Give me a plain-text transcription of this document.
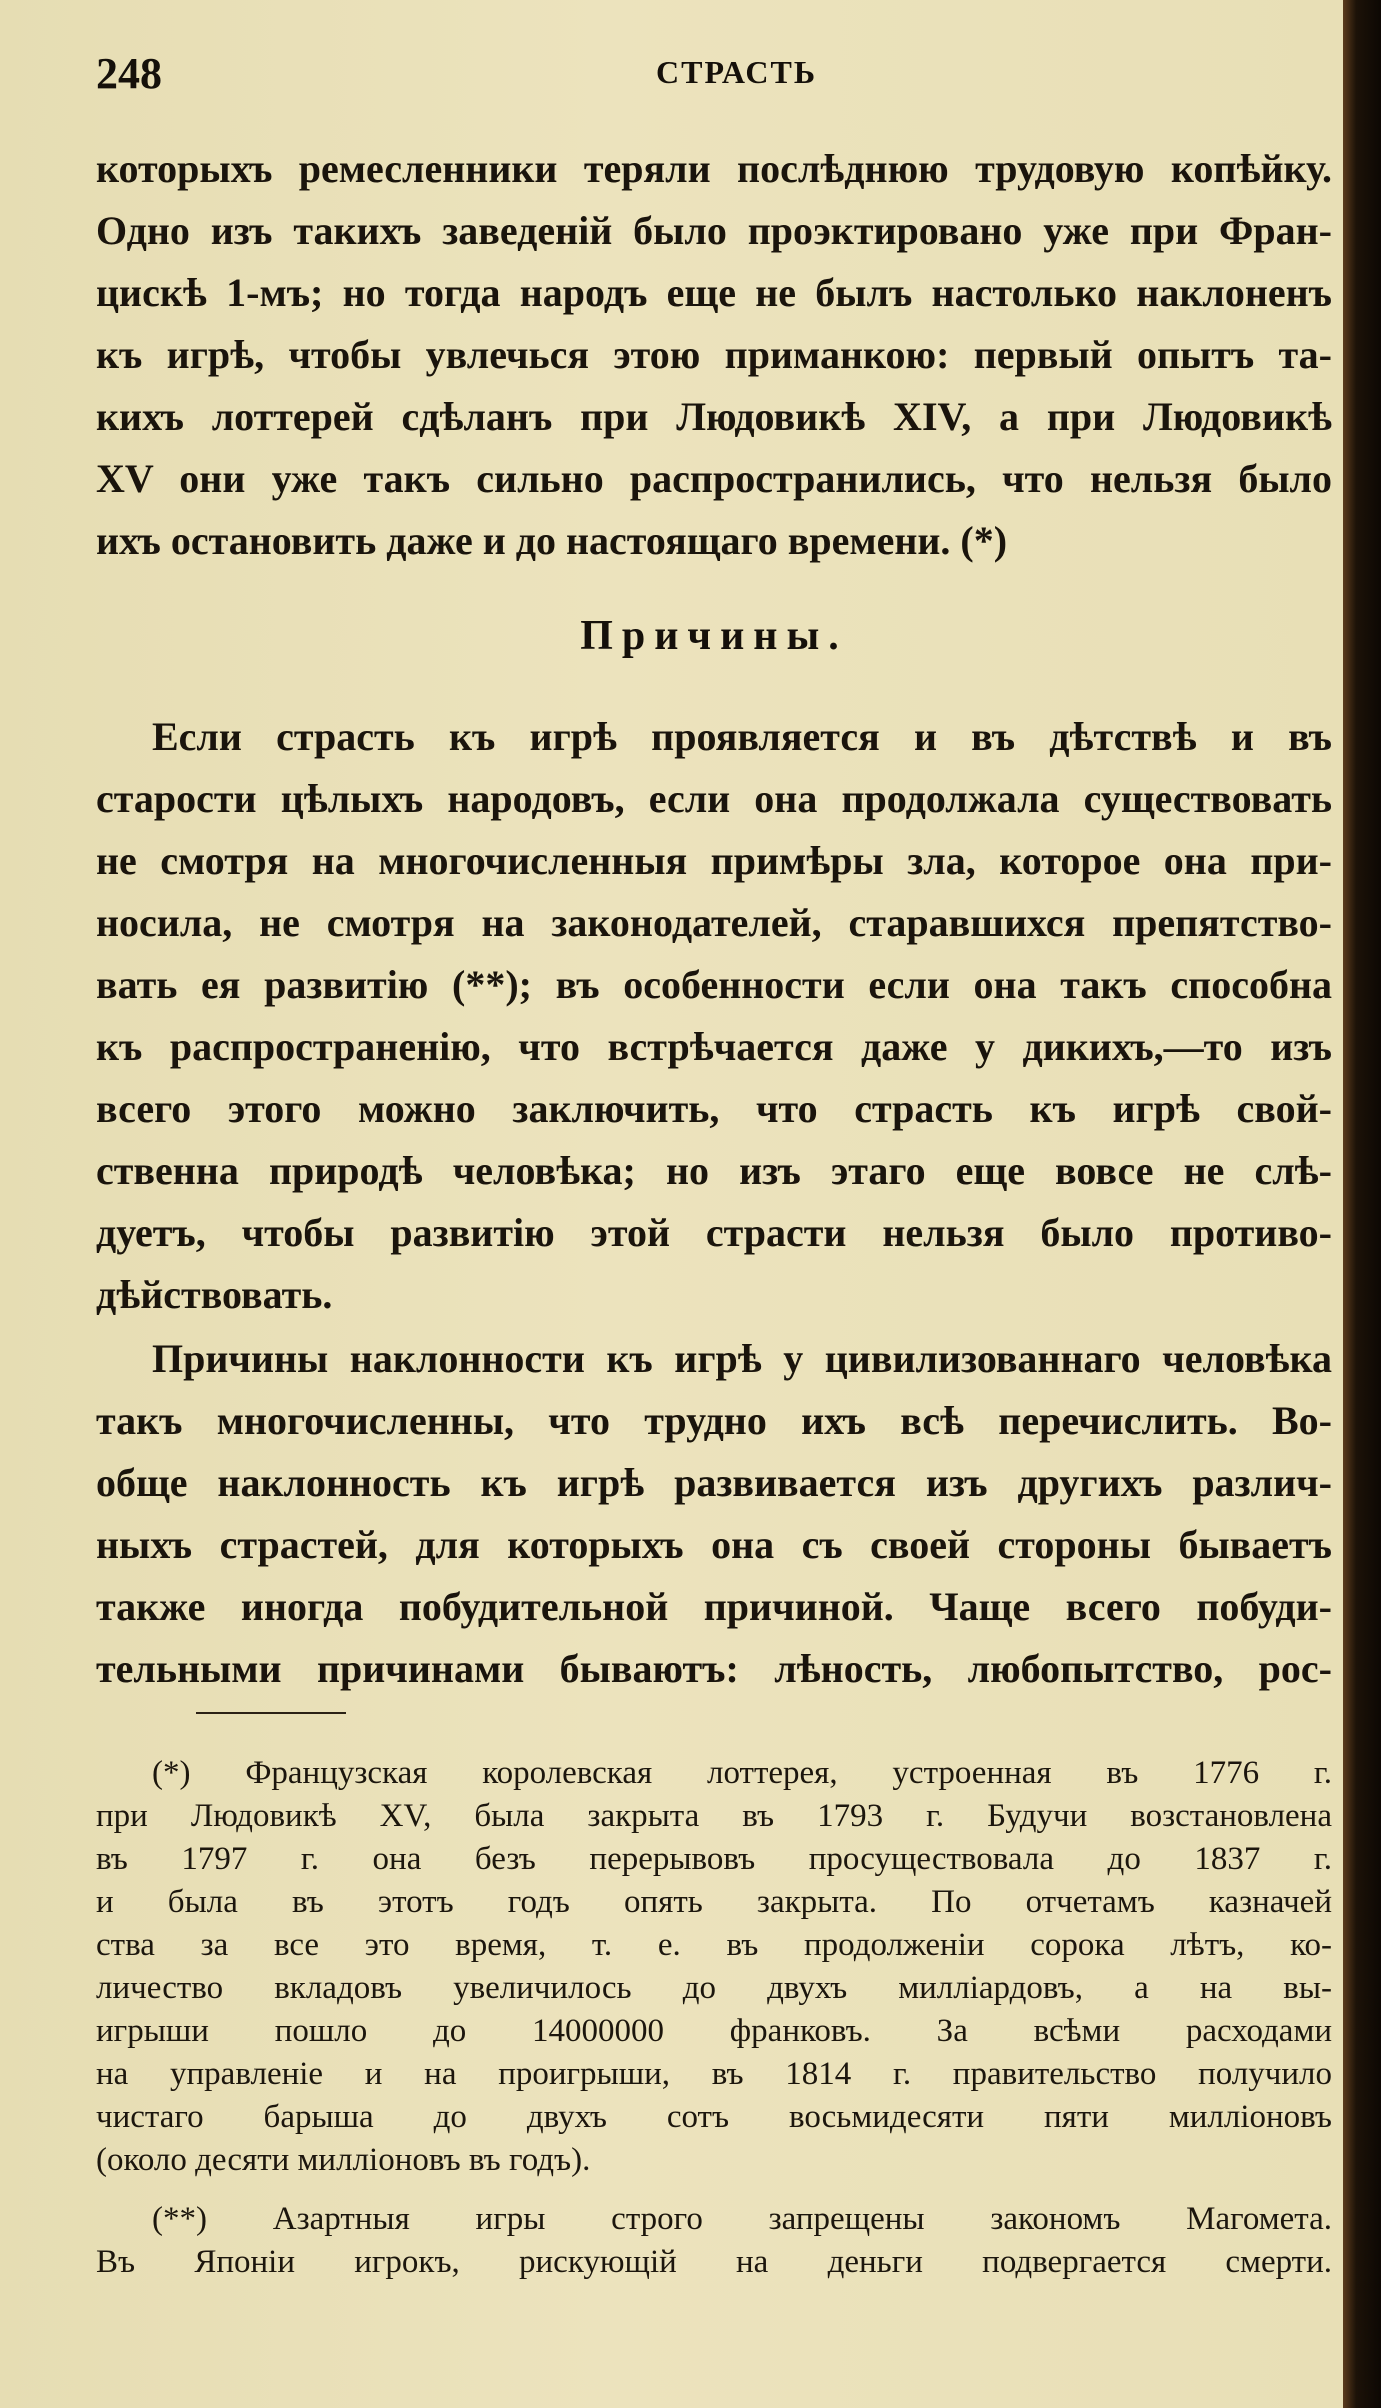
248	СТРАСТЬ
которыхъ ремесленники теряли послѣднюю трудовую копѣйку.
Одно изъ такихъ заведеній было проэктировано уже при Фран-
цискѣ 1-мъ; но тогда народъ еще не былъ настолько наклоненъ
къ игрѣ, чтобы увлечься этою приманкою: первый опытъ та-
кихъ лоттерей сдѣланъ при Людовикѣ XIV, а при Людовикѣ
XV они уже такъ сильно распространились, что нельзя было
ихъ остановить даже и до настоящаго времени. (*)
Причины.
Если страсть къ игрѣ проявляется и въ дѣтствѣ и въ
старости цѣлыхъ народовъ, если она продолжала существовать
не смотря на многочисленныя примѣры зла, которое она при-
носила, не смотря на законодателей, старавшихся препятство-
вать ея развитію (**); въ особенности если она такъ способна
къ распространенію, что встрѣчается даже у дикихъ,—то изъ
всего этого можно заключить, что страсть къ игрѣ свой-
ственна природѣ человѣка; но изъ этаго еще вовсе не слѣ-
дуетъ, чтобы развитію этой страсти нельзя было противо-
дѣйствовать.
Причины наклонности къ игрѣ у цивилизованнаго человѣка
такъ многочисленны, что трудно ихъ всѣ перечислить. Во-
обще наклонность къ игрѣ развивается изъ другихъ различ-
ныхъ страстей, для которыхъ она съ своей стороны бываетъ
также иногда побудительной причиной. Чаще всего побуди-
тельными причинами бываютъ: лѣность, любопытство, рос-
(*) Французская королевская лоттерея, устроенная въ 1776 г.
при Людовикѣ XV, была закрыта въ 1793 г. Будучи возстановлена
въ 1797 г. она безъ перерывовъ просуществовала до 1837 г.
и была въ этотъ годъ опять закрыта. По отчетамъ казначей
ства за все это время, т. е. въ продолженіи сорока лѣтъ, ко-
личество вкладовъ увеличилось до двухъ милліардовъ, а на вы-
игрыши пошло до 14000000 франковъ. За всѣми расходами
на управленіе и на проигрыши, въ 1814 г. правительство получило
чистаго барыша до двухъ сотъ восьмидесяти пяти милліоновъ
(около десяти милліоновъ въ годъ).
(**) Азартныя игры строго запрещены закономъ Магомета.
Въ Японіи игрокъ, рискующій на деньги подвергается смерти.
